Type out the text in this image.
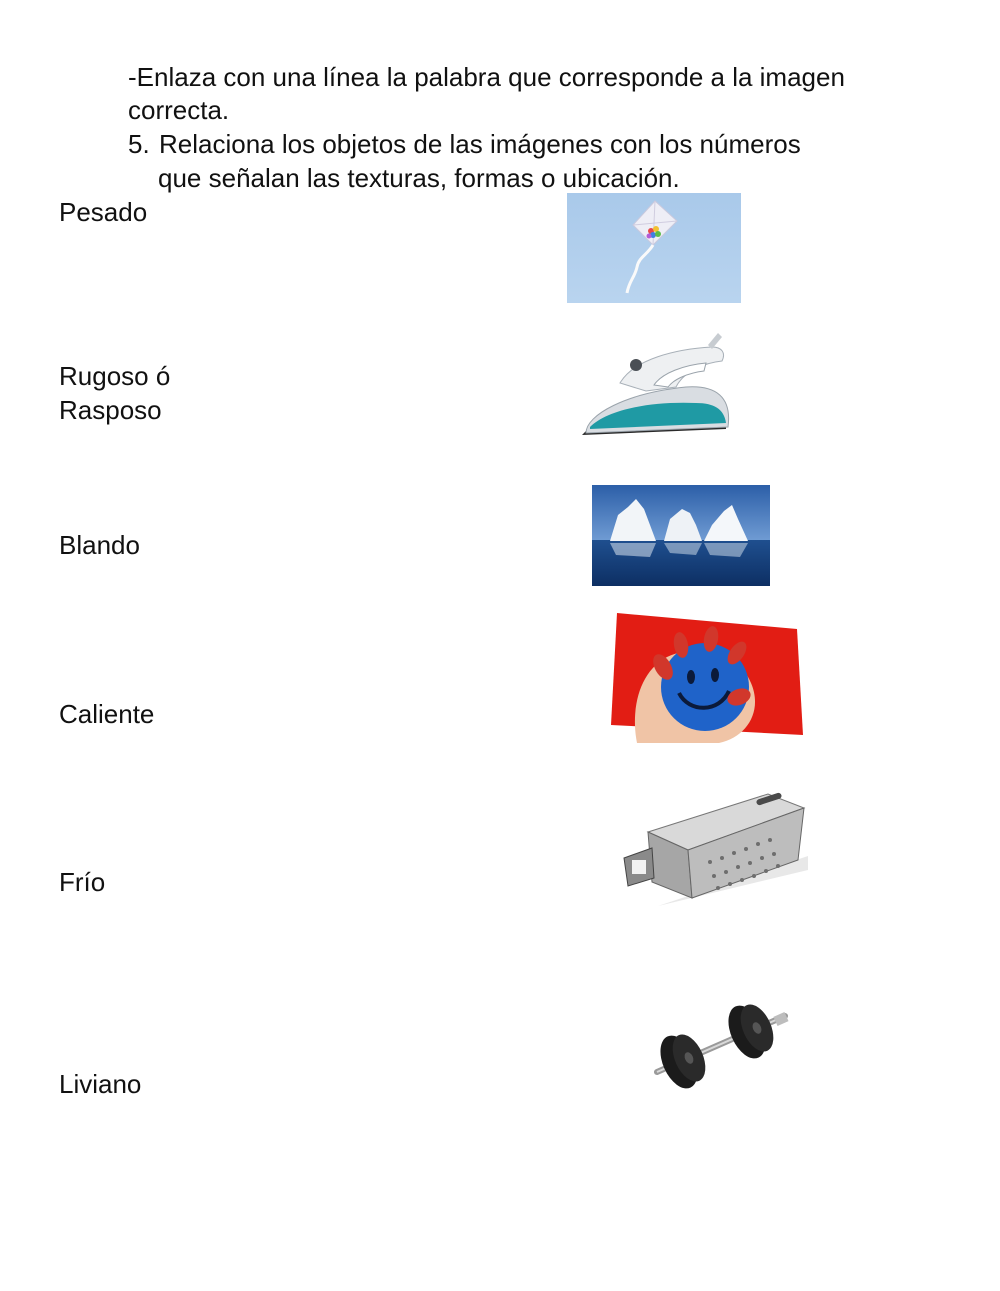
-Enlaza con una línea la palabra que corresponde a la imagen
correcta.
5. Relaciona los objetos de las imágenes con los números
que señalan las texturas, formas o ubicación.
Pesado
Rugoso ó
Rasposo
Blando
Caliente
Frío
Liviano
